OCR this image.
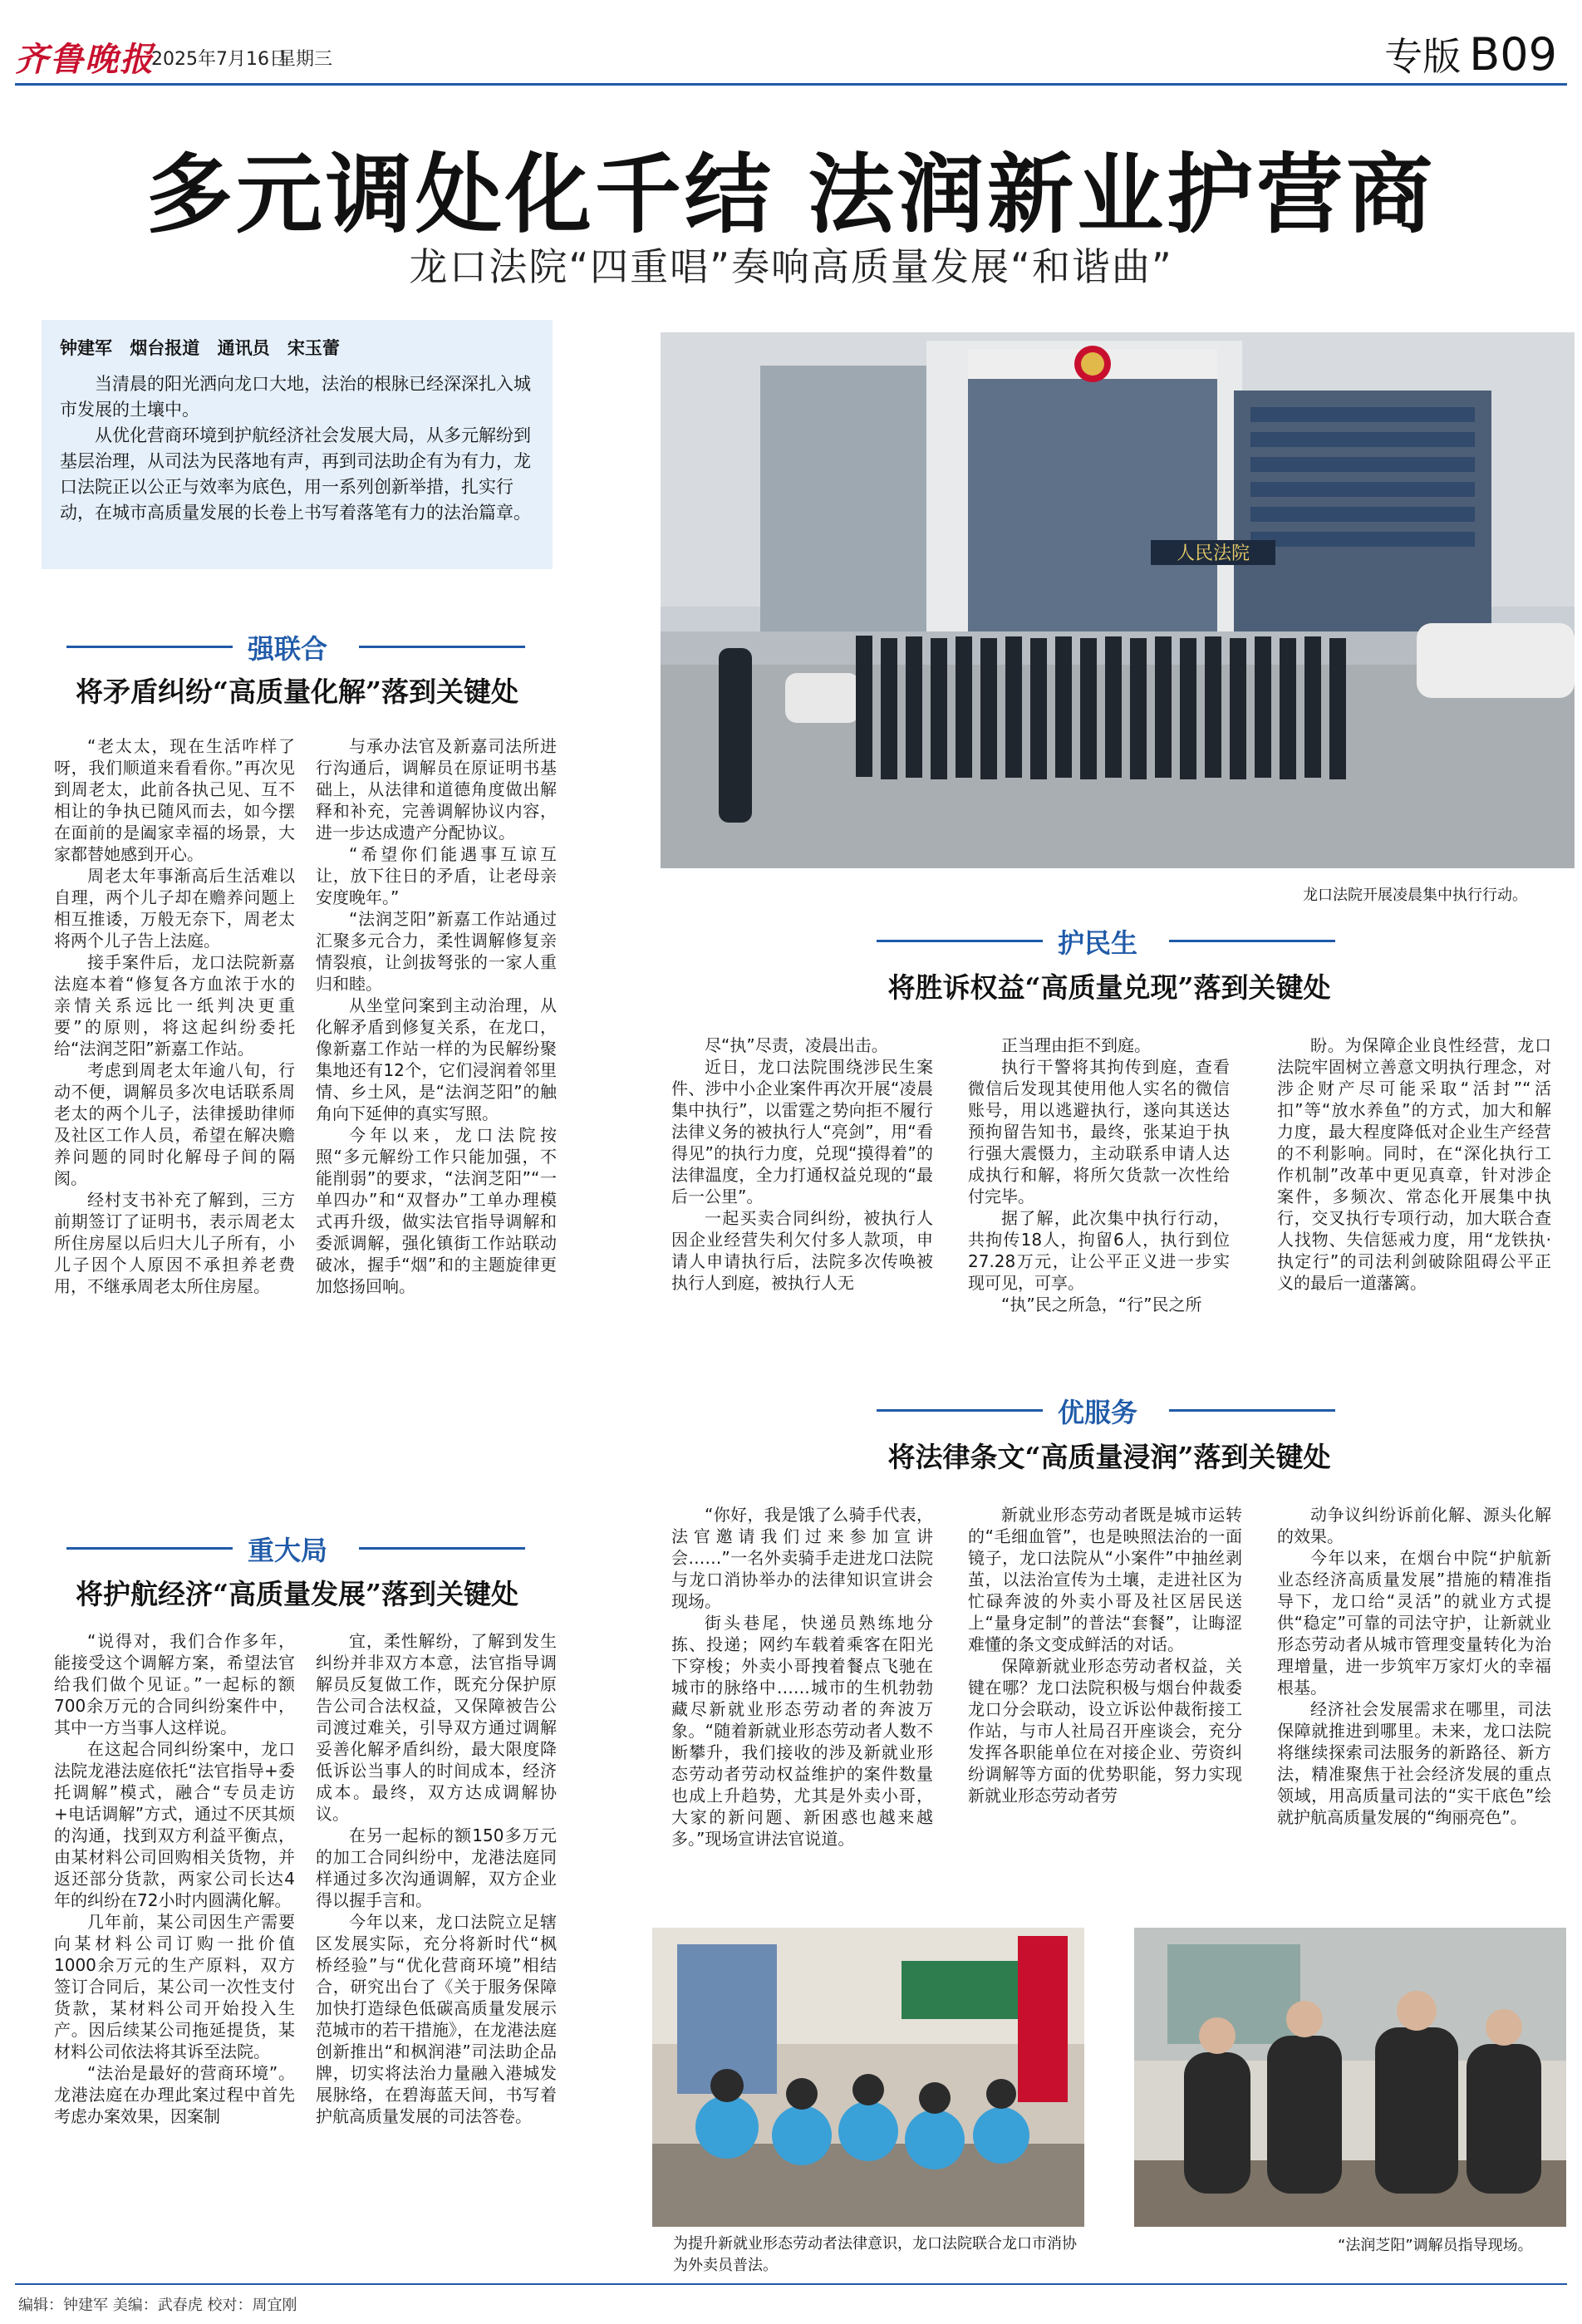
齐鲁晚报
2025年7月16日
星期三	专版 B09
多元调处化千结 法润新业护营商
龙口法院“四重唱”奏响高质量发展“和谐曲”
钟建军 烟台报道 通讯员 宋玉蕾

当清晨的阳光洒向龙口大地，法治的根脉已经深深扎入城市发展的土壤中。

从优化营商环境到护航经济社会发展大局，从多元解纷到基层治理，从司法为民落地有声，再到司法助企有为有力，龙口法院正以公正与效率为底色，用一系列创新举措，扎实行动，在城市高质量发展的长卷上书写着落笔有力的法治篇章。

人民法院
龙口法院开展凌晨集中执行行动。
强联合
将矛盾纠纷“高质量化解”落到关键处

“老太太，现在生活咋样了呀，我们顺道来看看你。”再次见到周老太，此前各执己见、互不相让的争执已随风而去，如今摆在面前的是阖家幸福的场景，大家都替她感到开心。

周老太年事渐高后生活难以自理，两个儿子却在赡养问题上相互推诿，万般无奈下，周老太将两个儿子告上法庭。

接手案件后，龙口法院新嘉法庭本着“修复各方血浓于水的亲情关系远比一纸判决更重要”的原则，将这起纠纷委托给“法润芝阳”新嘉工作站。

考虑到周老太年逾八旬，行动不便，调解员多次电话联系周老太的两个儿子，法律援助律师及社区工作人员，希望在解决赡养问题的同时化解母子间的隔阂。

经村支书补充了解到，三方前期签订了证明书，表示周老太所住房屋以后归大儿子所有，小儿子因个人原因不承担养老费用，不继承周老太所住房屋。

与承办法官及新嘉司法所进行沟通后，调解员在原证明书基础上，从法律和道德角度做出解释和补充，完善调解协议内容，进一步达成遗产分配协议。

“希望你们能遇事互谅互让，放下往日的矛盾，让老母亲安度晚年。”

“法润芝阳”新嘉工作站通过汇聚多元合力，柔性调解修复亲情裂痕，让剑拔弩张的一家人重归和睦。

从坐堂问案到主动治理，从化解矛盾到修复关系，在龙口，像新嘉工作站一样的为民解纷聚集地还有12个，它们浸润着邻里情、乡土风，是“法润芝阳”的触角向下延伸的真实写照。

今年以来，龙口法院按照“多元解纷工作只能加强，不能削弱”的要求，“法润芝阳”“一单四办”和“双督办”工单办理模式再升级，做实法官指导调解和委派调解，强化镇街工作站联动破冰，握手“烟”和的主题旋律更加悠扬回响。

护民生
将胜诉权益“高质量兑现”落到关键处

尽“执”尽责，凌晨出击。

近日，龙口法院围绕涉民生案件、涉中小企业案件再次开展“凌晨集中执行”，以雷霆之势向拒不履行法律义务的被执行人“亮剑”，用“看得见”的执行力度，兑现“摸得着”的法律温度，全力打通权益兑现的“最后一公里”。

一起买卖合同纠纷，被执行人因企业经营失利欠付多人款项，申请人申请执行后，法院多次传唤被执行人到庭，被执行人无

正当理由拒不到庭。

执行干警将其拘传到庭，查看微信后发现其使用他人实名的微信账号，用以逃避执行，遂向其送达预拘留告知书，最终，张某迫于执行强大震慑力，主动联系申请人达成执行和解，将所欠货款一次性给付完毕。

据了解，此次集中执行行动，共拘传18人，拘留6人，执行到位27.28万元，让公平正义进一步实现可见，可享。

“执”民之所急，“行”民之所

盼。为保障企业良性经营，龙口法院牢固树立善意文明执行理念，对涉企财产尽可能采取“活封”“活扣”等“放水养鱼”的方式，加大和解力度，最大程度降低对企业生产经营的不利影响。同时，在“深化执行工作机制”改革中更见真章，针对涉企案件，多频次、常态化开展集中执行，交叉执行专项行动，加大联合查人找物、失信惩戒力度，用“龙铁执·执定行”的司法利剑破除阻碍公平正义的最后一道藩篱。

重大局
将护航经济“高质量发展”落到关键处

“说得对，我们合作多年，能接受这个调解方案，希望法官给我们做个见证。”一起标的额700余万元的合同纠纷案件中，其中一方当事人这样说。

在这起合同纠纷案中，龙口法院龙港法庭依托“法官指导+委托调解”模式，融合“专员走访+电话调解”方式，通过不厌其烦的沟通，找到双方利益平衡点，由某材料公司回购相关货物，并返还部分货款，两家公司长达4年的纠纷在72小时内圆满化解。

几年前，某公司因生产需要向某材料公司订购一批价值1000余万元的生产原料，双方签订合同后，某公司一次性支付货款，某材料公司开始投入生产。因后续某公司拖延提货，某材料公司依法将其诉至法院。

“法治是最好的营商环境”。龙港法庭在办理此案过程中首先考虑办案效果，因案制

宜，柔性解纷，了解到发生纠纷并非双方本意，法官指导调解员反复做工作，既充分保护原告公司合法权益，又保障被告公司渡过难关，引导双方通过调解妥善化解矛盾纠纷，最大限度降低诉讼当事人的时间成本，经济成本。最终，双方达成调解协议。

在另一起标的额150多万元的加工合同纠纷中，龙港法庭同样通过多次沟通调解，双方企业得以握手言和。

今年以来，龙口法院立足辖区发展实际，充分将新时代“枫桥经验”与“优化营商环境”相结合，研究出台了《关于服务保障加快打造绿色低碳高质量发展示范城市的若干措施》，在龙港法庭创新推出“和枫润港”司法助企品牌，切实将法治力量融入港城发展脉络，在碧海蓝天间，书写着护航高质量发展的司法答卷。

优服务
将法律条文“高质量浸润”落到关键处

“你好，我是饿了么骑手代表，法官邀请我们过来参加宣讲会……”一名外卖骑手走进龙口法院与龙口消协举办的法律知识宣讲会现场。

街头巷尾，快递员熟练地分拣、投递；网约车载着乘客在阳光下穿梭；外卖小哥拽着餐点飞驰在城市的脉络中……城市的生机勃勃藏尽新就业形态劳动者的奔波万象。“随着新就业形态劳动者人数不断攀升，我们接收的涉及新就业形态劳动者劳动权益维护的案件数量也成上升趋势，尤其是外卖小哥，大家的新问题、新困惑也越来越多。”现场宣讲法官说道。

新就业形态劳动者既是城市运转的“毛细血管”，也是映照法治的一面镜子，龙口法院从“小案件”中抽丝剥茧，以法治宣传为土壤，走进社区为忙碌奔波的外卖小哥及社区居民送上“量身定制”的普法“套餐”，让晦涩难懂的条文变成鲜活的对话。

保障新就业形态劳动者权益，关键在哪？龙口法院积极与烟台仲裁委龙口分会联动，设立诉讼仲裁衔接工作站，与市人社局召开座谈会，充分发挥各职能单位在对接企业、劳资纠纷调解等方面的优势职能，努力实现新就业形态劳动者劳

动争议纠纷诉前化解、源头化解的效果。

今年以来，在烟台中院“护航新业态经济高质量发展”措施的精准指导下，龙口给“灵活”的就业方式提供“稳定”可靠的司法守护，让新就业形态劳动者从城市管理变量转化为治理增量，进一步筑牢万家灯火的幸福根基。

经济社会发展需求在哪里，司法保障就推进到哪里。未来，龙口法院将继续探索司法服务的新路径、新方法，精准聚焦于社会经济发展的重点领域，用高质量司法的“实干底色”绘就护航高质量发展的“绚丽亮色”。

为提升新就业形态劳动者法律意识，龙口法院联合龙口市消协为外卖员普法。
“法润芝阳”调解员指导现场。
编辑：钟建军 美编：武春虎 校对：周宜刚
